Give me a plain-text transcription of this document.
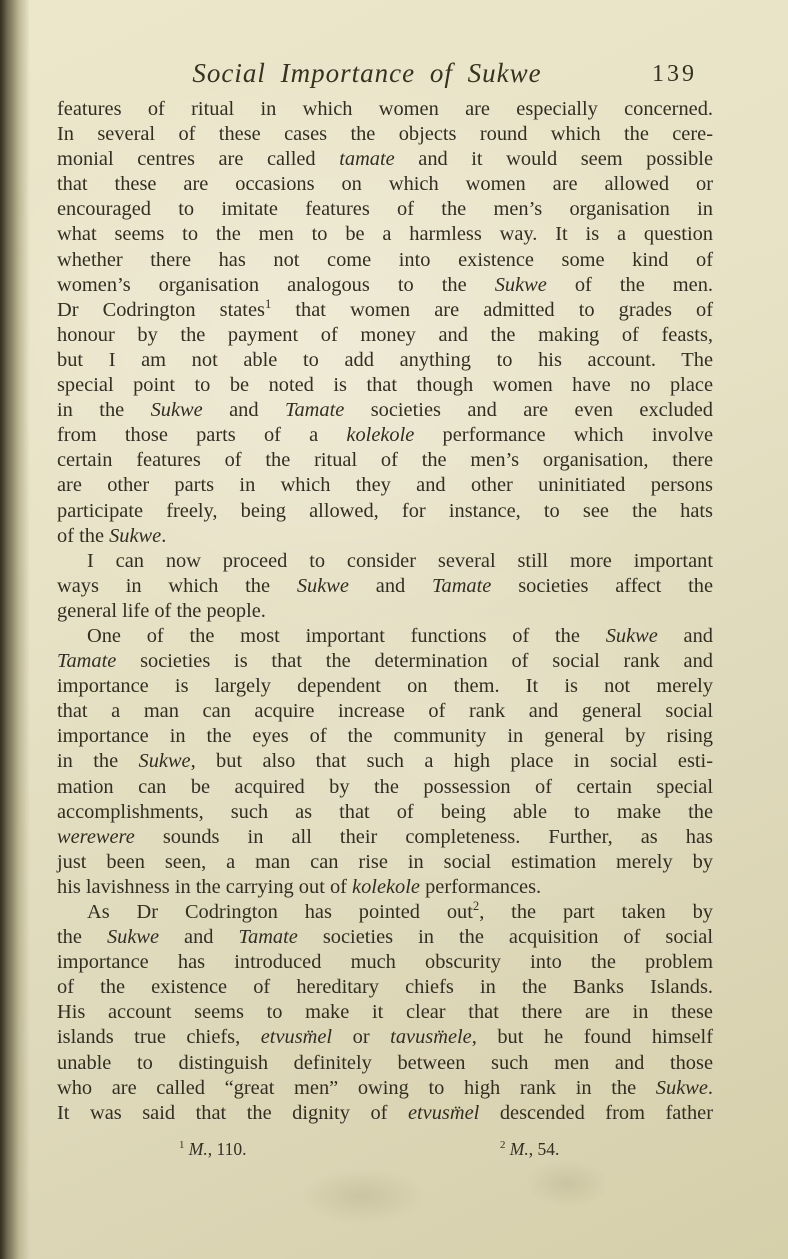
Social Importance of Sukwe	139
features of ritual in which women are especially concerned.
In several of these cases the objects round which the cere-
monial centres are called tamate and it would seem possible
that these are occasions on which women are allowed or
encouraged to imitate features of the men’s organisation in
what seems to the men to be a harmless way. It is a question
whether there has not come into existence some kind of
women’s organisation analogous to the Sukwe of the men.
Dr Codrington states$^1$ that women are admitted to grades of
honour by the payment of money and the making of feasts,
but I am not able to add anything to his account. The
special point to be noted is that though women have no place
in the Sukwe and Tamate societies and are even excluded
from those parts of a kolekole performance which involve
certain features of the ritual of the men’s organisation, there
are other parts in which they and other uninitiated persons
participate freely, being allowed, for instance, to see the hats
of the Sukwe.
I can now proceed to consider several still more important
ways in which the Sukwe and Tamate societies affect the
general life of the people.
One of the most important functions of the Sukwe and
Tamate societies is that the determination of social rank and
importance is largely dependent on them. It is not merely
that a man can acquire increase of rank and general social
importance in the eyes of the community in general by rising
in the Sukwe, but also that such a high place in social esti-
mation can be acquired by the possession of certain special
accomplishments, such as that of being able to make the
werewere sounds in all their completeness. Further, as has
just been seen, a man can rise in social estimation merely by
his lavishness in the carrying out of kolekole performances.
As Dr Codrington has pointed out$^2$, the part taken by
the Sukwe and Tamate societies in the acquisition of social
importance has introduced much obscurity into the problem
of the existence of hereditary chiefs in the Banks Islands.
His account seems to make it clear that there are in these
islands true chiefs, etvusm̈el or tavusm̈ele, but he found himself
unable to distinguish definitely between such men and those
who are called “great men” owing to high rank in the Sukwe.
It was said that the dignity of etvusm̈el descended from father
$^1$ M., 110.	$^2$ M., 54.
